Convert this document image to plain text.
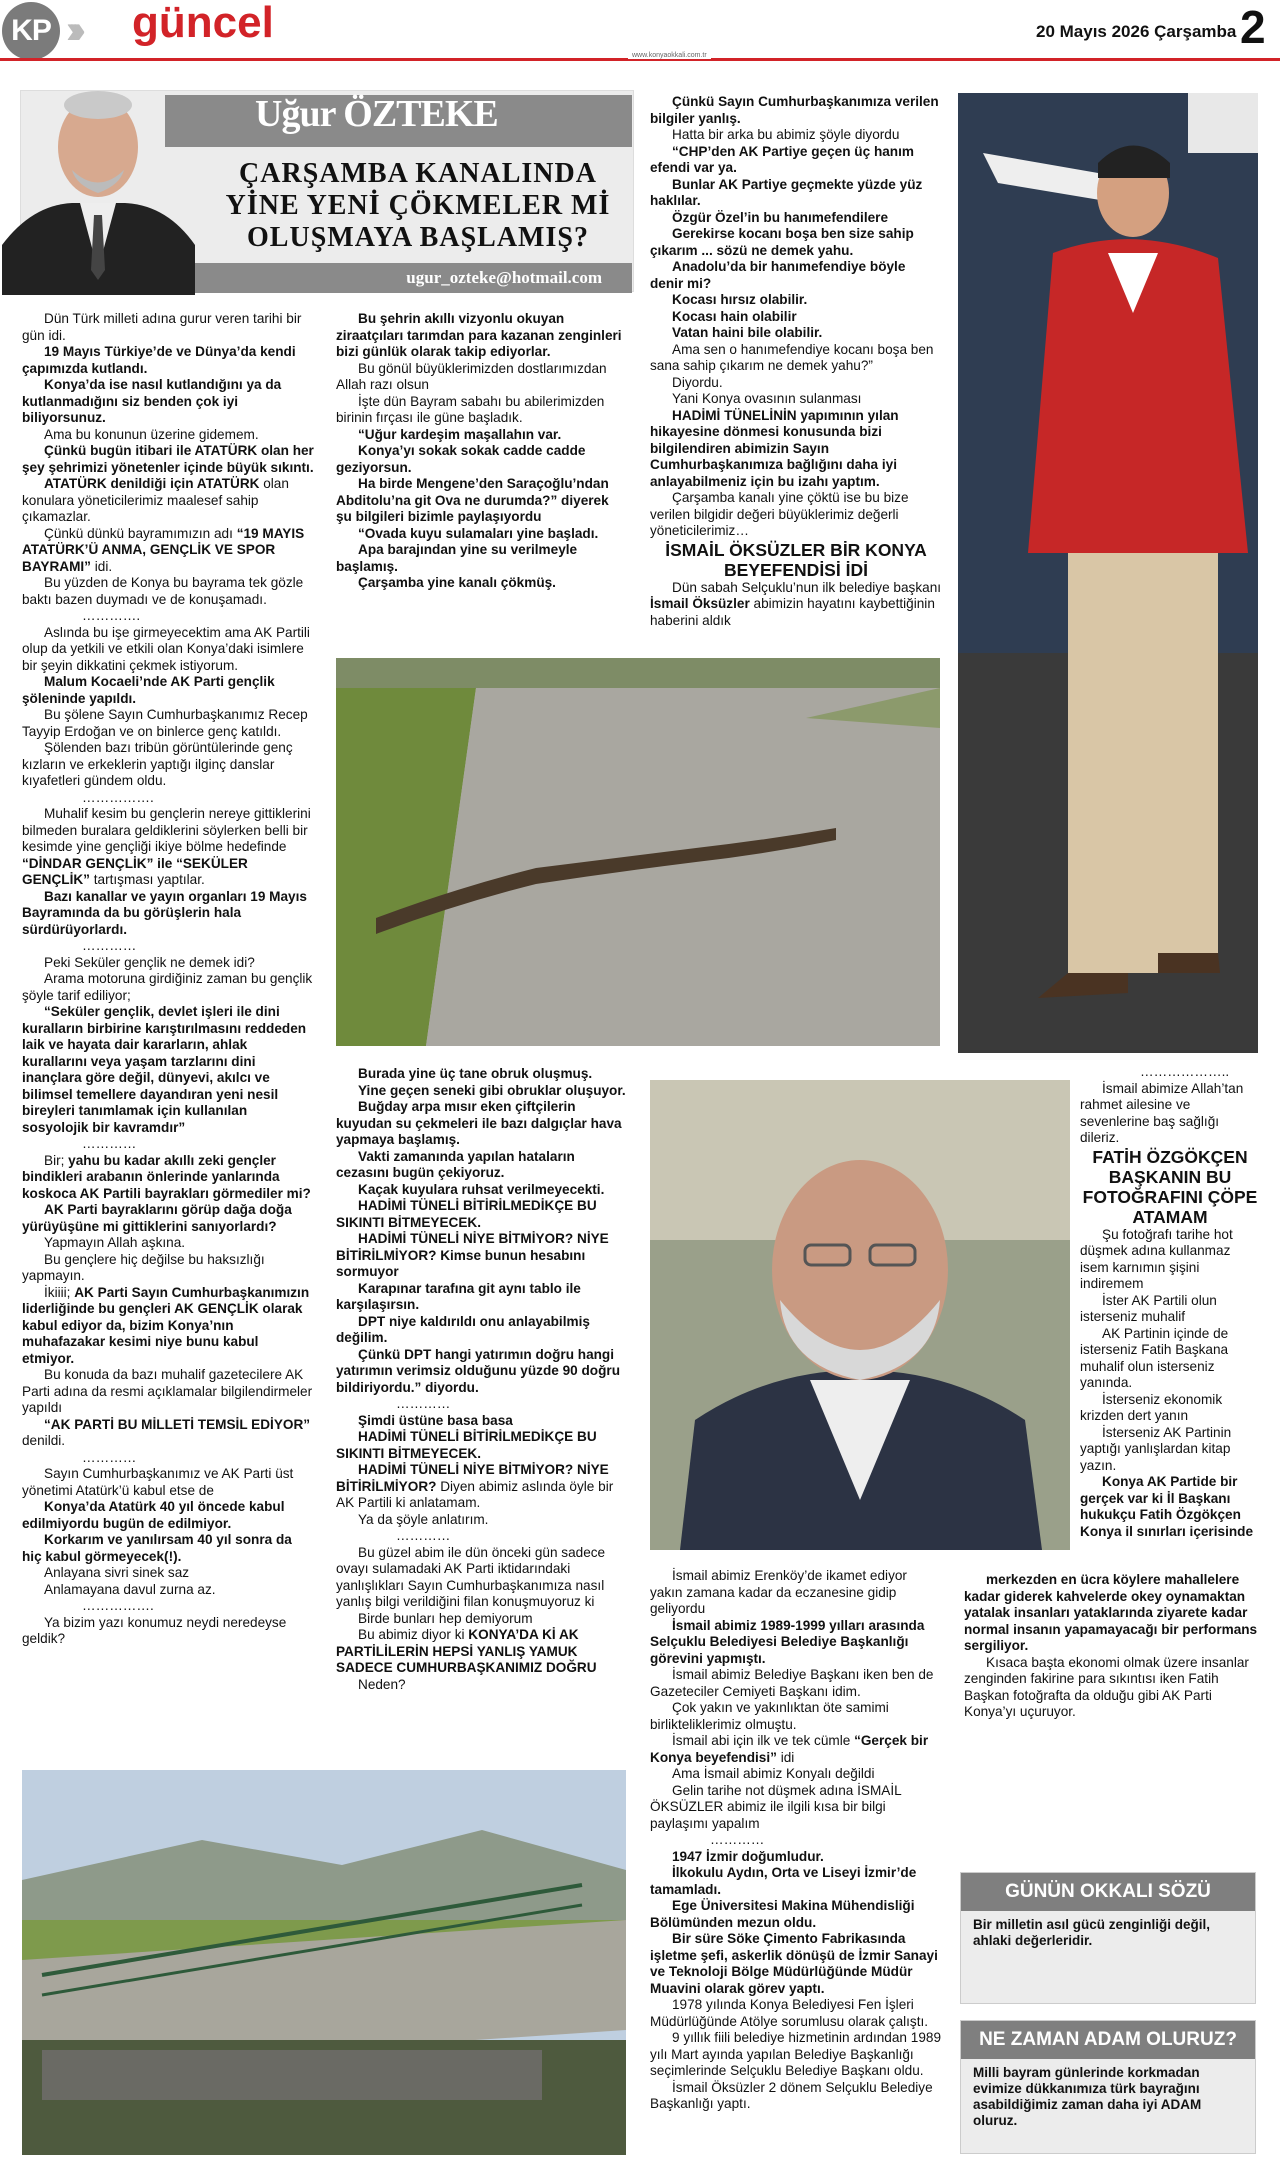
KP ››› güncel
www.konyaokkali.com.tr
20 Mayıs 2026 Çarşamba 2
Uğur ÖZTEKE
ÇARŞAMBA KANALINDA YİNE YENİ ÇÖKMELER Mİ OLUŞMAYA BAŞLAMIŞ?
ugur_ozteke@hotmail.com

Dün Türk milleti adına gurur veren tarihi bir gün idi.

19 Mayıs Türkiye’de ve Dünya’da kendi çapımızda kutlandı.

Konya’da ise nasıl kutlandığını ya da kutlanmadığını siz benden çok iyi biliyorsunuz.

Ama bu konunun üzerine gidemem.

Çünkü bugün itibari ile ATATÜRK olan her şey şehrimizi yönetenler içinde büyük sıkıntı.

ATATÜRK denildiği için ATATÜRK olan konulara yöneticilerimiz maalesef sahip çıkamazlar.

Çünkü dünkü bayramımızın adı “19 MAYIS ATATÜRK’Ü ANMA, GENÇLİK VE SPOR BAYRAMI” idi.

Bu yüzden de Konya bu bayrama tek gözle baktı bazen duymadı ve de konuşamadı.

………….

Aslında bu işe girmeyecektim ama AK Partili olup da yetkili ve etkili olan Konya’daki isimlere bir şeyin dikkatini çekmek istiyorum.

Malum Kocaeli’nde AK Parti gençlik şöleninde yapıldı.

Bu şölene Sayın Cumhurbaşkanımız Recep Tayyip Erdoğan ve on binlerce genç katıldı.

Şölenden bazı tribün görüntülerinde genç kızların ve erkeklerin yaptığı ilginç danslar kıyafetleri gündem oldu.

…………….

Muhalif kesim bu gençlerin nereye gittiklerini bilmeden buralara geldiklerini söylerken belli bir kesimde yine gençliği ikiye bölme hedefinde “DİNDAR GENÇLİK” ile “SEKÜLER GENÇLİK” tartışması yaptılar.

Bazı kanallar ve yayın organları 19 Mayıs Bayramında da bu görüşlerin hala sürdürüyorlardı.

…………

Peki Seküler gençlik ne demek idi?

Arama motoruna girdiğiniz zaman bu gençlik şöyle tarif ediliyor;

“Seküler gençlik, devlet işleri ile dini kuralların birbirine karıştırılmasını reddeden laik ve hayata dair kararların, ahlak kurallarını veya yaşam tarzlarını dini inançlara göre değil, dünyevi, akılcı ve bilimsel temellere dayandıran yeni nesil bireyleri tanımlamak için kullanılan sosyolojik bir kavramdır”

…………

Bir; yahu bu kadar akıllı zeki gençler bindikleri arabanın önlerinde yanlarında koskoca AK Partili bayrakları görmediler mi?

AK Parti bayraklarını görüp dağa doğa yürüyüşüne mi gittiklerini sanıyorlardı?

Yapmayın Allah aşkına.

Bu gençlere hiç değilse bu haksızlığı yapmayın.

İkiiii; AK Parti Sayın Cumhurbaşkanımızın liderliğinde bu gençleri AK GENÇLİK olarak kabul ediyor da, bizim Konya’nın muhafazakar kesimi niye bunu kabul etmiyor.

Bu konuda da bazı muhalif gazetecilere AK Parti adına da resmi açıklamalar bilgilendirmeler yapıldı

“AK PARTİ BU MİLLETİ TEMSİL EDİYOR” denildi.

…………

Sayın Cumhurbaşkanımız ve AK Parti üst yönetimi Atatürk’ü kabul etse de

Konya’da Atatürk 40 yıl öncede kabul edilmiyordu bugün de edilmiyor.

Korkarım ve yanılırsam 40 yıl sonra da hiç kabul görmeyecek(!).

Anlayana sivri sinek saz

Anlamayana davul zurna az.

…………….

Ya bizim yazı konumuz neydi neredeyse geldik?

Bu şehrin akıllı vizyonlu okuyan ziraatçıları tarımdan para kazanan zenginleri bizi günlük olarak takip ediyorlar.

Bu gönül büyüklerimizden dostlarımızdan Allah razı olsun

İşte dün Bayram sabahı bu abilerimizden birinin fırçası ile güne başladık.

“Uğur kardeşim maşallahın var.

Konya’yı sokak sokak cadde cadde geziyorsun.

Ha birde Mengene’den Saraçoğlu’ndan Abditolu’na git Ova ne durumda?” diyerek şu bilgileri bizimle paylaşıyordu

“Ovada kuyu sulamaları yine başladı.

Apa barajından yine su verilmeyle başlamış.

Çarşamba yine kanalı çökmüş.

Burada yine üç tane obruk oluşmuş.

Yine geçen seneki gibi obruklar oluşuyor.

Buğday arpa mısır eken çiftçilerin kuyudan su çekmeleri ile bazı dalgıçlar hava yapmaya başlamış.

Vakti zamanında yapılan hataların cezasını bugün çekiyoruz.

Kaçak kuyulara ruhsat verilmeyecekti.

HADİMİ TÜNELİ BİTİRİLMEDİKÇE BU SIKINTI BİTMEYECEK.

HADİMİ TÜNELİ NİYE BİTMİYOR? NİYE BİTİRİLMİYOR? Kimse bunun hesabını sormuyor

Karapınar tarafına git aynı tablo ile karşılaşırsın.

DPT niye kaldırıldı onu anlayabilmiş değilim.

Çünkü DPT hangi yatırımın doğru hangi yatırımın verimsiz olduğunu yüzde 90 doğru bildiriyordu.” diyordu.

…………

Şimdi üstüne basa basa

HADİMİ TÜNELİ BİTİRİLMEDİKÇE BU SIKINTI BİTMEYECEK.

HADİMİ TÜNELİ NİYE BİTMİYOR? NİYE BİTİRİLMİYOR? Diyen abimiz aslında öyle bir AK Partili ki anlatamam.

Ya da şöyle anlatırım.

…………

Bu güzel abim ile dün önceki gün sadece ovayı sulamadaki AK Parti iktidarındaki yanlışlıkları Sayın Cumhurbaşkanımıza nasıl yanlış bilgi verildiğini filan konuşmuyoruz ki

Birde bunları hep demiyorum

Bu abimiz diyor ki KONYA’DA Kİ AK PARTİLİLERİN HEPSİ YANLIŞ YAMUK SADECE CUMHURBAŞKANIMIZ DOĞRU

Neden?

Çünkü Sayın Cumhurbaşkanımıza verilen bilgiler yanlış.

Hatta bir arka bu abimiz şöyle diyordu

“CHP’den AK Partiye geçen üç hanım efendi var ya.

Bunlar AK Partiye geçmekte yüzde yüz haklılar.

Özgür Özel’in bu hanımefendilere

Gerekirse kocanı boşa ben size sahip çıkarım ... sözü ne demek yahu.

Anadolu’da bir hanımefendiye böyle denir mi?

Kocası hırsız olabilir.

Kocası hain olabilir

Vatan haini bile olabilir.

Ama sen o hanımefendiye kocanı boşa ben sana sahip çıkarım ne demek yahu?”

Diyordu.

Yani Konya ovasının sulanması

HADİMİ TÜNELİNİN yapımının yılan hikayesine dönmesi konusunda bizi bilgilendiren abimizin Sayın Cumhurbaşkanımıza bağlığını daha iyi anlayabilmeniz için bu izahı yaptım.

Çarşamba kanalı yine çöktü ise bu bize verilen bilgidir değeri büyüklerimiz değerli yöneticilerimiz…

İSMAİL ÖKSÜZLER BİR KONYA BEYEFENDİSİ İDİ

Dün sabah Selçuklu’nun ilk belediye başkanı İsmail Öksüzler abimizin hayatını kaybettiğinin haberini aldık

İsmail abimiz Erenköy’de ikamet ediyor yakın zamana kadar da eczanesine gidip geliyordu

İsmail abimiz 1989-1999 yılları arasında Selçuklu Belediyesi Belediye Başkanlığı görevini yapmıştı.

İsmail abimiz Belediye Başkanı iken ben de Gazeteciler Cemiyeti Başkanı idim.

Çok yakın ve yakınlıktan öte samimi birlikteliklerimiz olmuştu.

İsmail abi için ilk ve tek cümle “Gerçek bir Konya beyefendisi” idi

Ama İsmail abimiz Konyalı değildi

Gelin tarihe not düşmek adına İSMAİL ÖKSÜZLER abimiz ile ilgili kısa bir bilgi paylaşımı yapalım

…………

1947 İzmir doğumludur.

İlkokulu Aydın, Orta ve Liseyi İzmir’de tamamladı.

Ege Üniversitesi Makina Mühendisliği Bölümünden mezun oldu.

Bir süre Söke Çimento Fabrikasında işletme şefi, askerlik dönüşü de İzmir Sanayi ve Teknoloji Bölge Müdürlüğünde Müdür Muavini olarak görev yaptı.

1978 yılında Konya Belediyesi Fen İşleri Müdürlüğünde Atölye sorumlusu olarak çalıştı.

9 yıllık fiili belediye hizmetinin ardından 1989 yılı Mart ayında yapılan Belediye Başkanlığı seçimlerinde Selçuklu Belediye Başkanı oldu.

İsmail Öksüzler 2 dönem Selçuklu Belediye Başkanlığı yaptı.

………………..

İsmail abimize Allah’tan rahmet ailesine ve sevenlerine baş sağlığı dileriz.

FATİH ÖZGÖKÇEN BAŞKANIN BU FOTOĞRAFINI ÇÖPE ATAMAM

Şu fotoğrafı tarihe hot düşmek adına kullanmaz isem karnımın şişini indiremem

İster AK Partili olun isterseniz muhalif

AK Partinin içinde de isterseniz Fatih Başkana muhalif olun isterseniz yanında.

İsterseniz ekonomik krizden dert yanın

İsterseniz AK Partinin yaptığı yanlışlardan kitap yazın.

Konya AK Partide bir gerçek var ki İl Başkanı hukukçu Fatih Özgökçen Konya il sınırları içerisinde

merkezden en ücra köylere mahallelere kadar giderek kahvelerde okey oynamaktan yatalak insanları yataklarında ziyarete kadar normal insanın yapamayacağı bir performans sergiliyor.

Kısaca başta ekonomi olmak üzere insanlar zenginden fakirine para sıkıntısı iken Fatih Başkan fotoğrafta da olduğu gibi AK Parti Konya’yı uçuruyor.

GÜNÜN OKKALI SÖZÜ
Bir milletin asıl gücü zenginliği değil, ahlaki değerleridir.
NE ZAMAN ADAM OLURUZ?
Milli bayram günlerinde korkmadan evimize dükkanımıza türk bayrağını asabildiğimiz zaman daha iyi ADAM oluruz.
